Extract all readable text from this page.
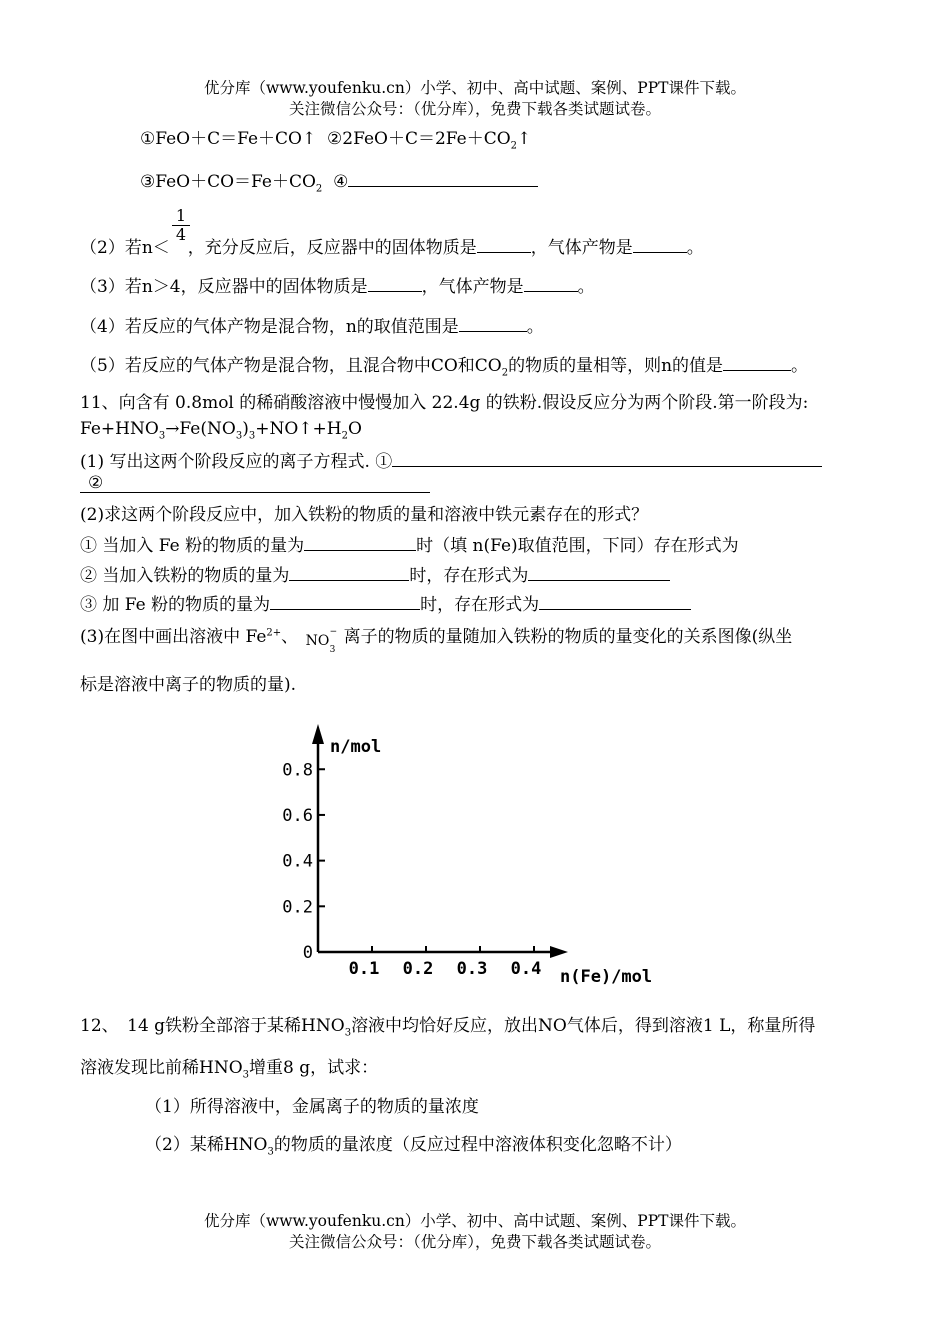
优分库（www.youfenku.cn）小学、初中、高中试题、案例、PPT课件下载。
关注微信公众号：（优分库），免费下载各类试题试卷。
①FeO＋C＝Fe＋CO↑ $②2FeO+C=2Fe+CO_2↑$
$③FeO+CO=Fe+CO_2$ ④
$\frac{1}{4}$
（2）若n＜ ，充分反应后，反应器中的固体物质是	，气体产物是	。
（3）若n＞4，反应器中的固体物质是	，气体产物是	。
（4）若反应的气体产物是混合物，n的取值范围是	。
（5）若反应的气体产物是混合物，且混合物中CO和$CO_2$的物质的量相等，则n的值是	。
11、向含有 0.8mol 的稀硝酸溶液中慢慢加入 22.4g 的铁粉.假设反应分为两个阶段.第一阶段为:
$Fe+HNO_3\to Fe(NO_3)_3+NO↑+H_2O$
(1) 写出这两个阶段反应的离子方程式. ①
②
(2)求这两个阶段反应中，加入铁粉的物质的量和溶液中铁元素存在的形式？
① 当加入 Fe 粉的物质的量为	时（填 n(Fe)取值范围，下同）存在形式为
② 当加入铁粉的物质的量为	时，存在形式为
③ 加 Fe 粉的物质的量为	时，存在形式为
(3)在图中画出溶液中 $Fe^{2+}$、 NO
3
− 离子的物质的量随加入铁粉的物质的量变化的关系图像(纵坐
标是溶液中离子的物质的量).
0.1 0.2 0.3 0.4
0.2
0.4
0.6
0.8
0
n/mol
n(Fe)/mol
12、　14 g铁粉全部溶于某稀$HNO_3$溶液中均恰好反应，放出NO气体后，得到溶液1 L，称量所得
溶液发现比前稀$HNO_3$增重8 g，试求：
（1）所得溶液中，金属离子的物质的量浓度
（2）某稀$HNO_3$的物质的量浓度（反应过程中溶液体积变化忽略不计）
优分库（www.youfenku.cn）小学、初中、高中试题、案例、PPT课件下载。
关注微信公众号：（优分库），免费下载各类试题试卷。
